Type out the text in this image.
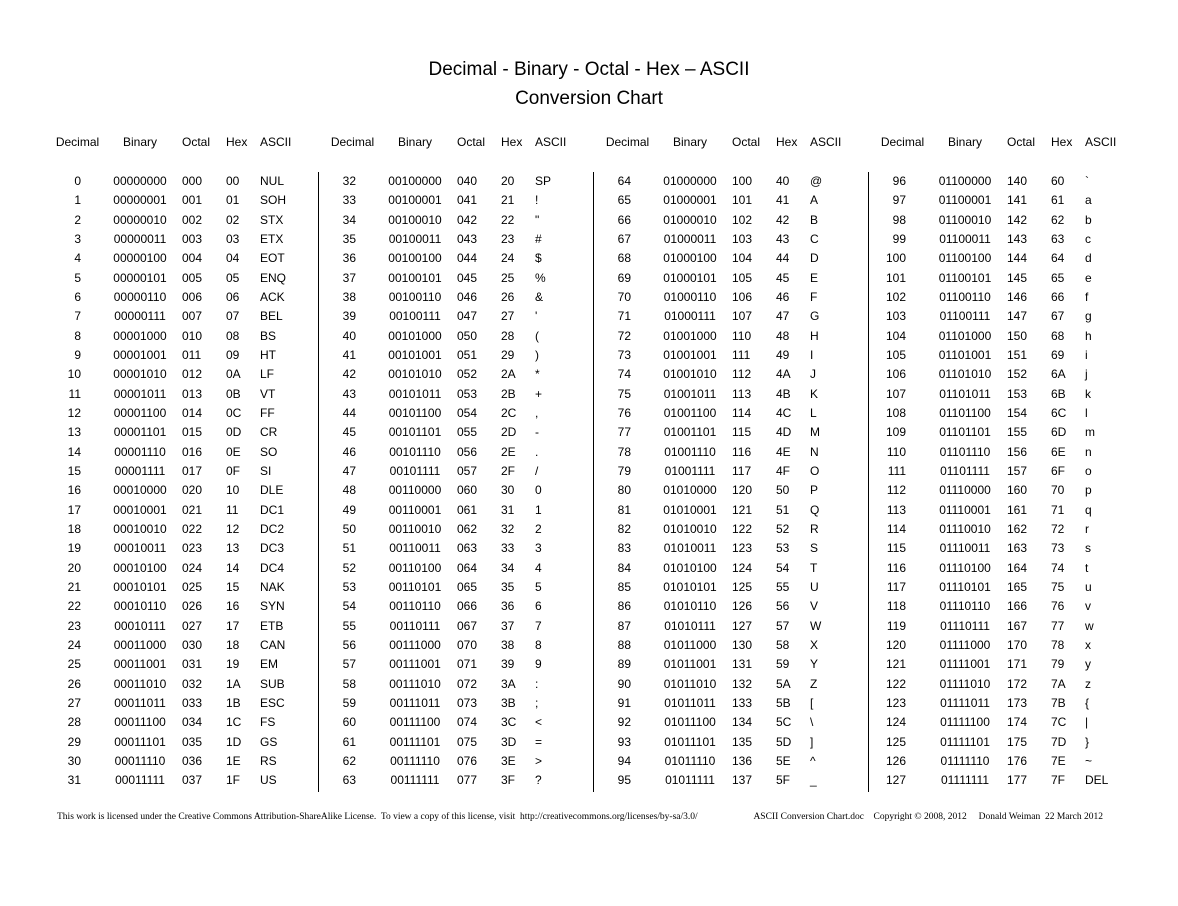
Decimal - Binary - Octal - Hex – ASCII
Conversion Chart
Decimal	Binary	Octal	Hex	ASCII
0	00000000	000	00	NUL
1	00000001	001	01	SOH
2	00000010	002	02	STX
3	00000011	003	03	ETX
4	00000100	004	04	EOT
5	00000101	005	05	ENQ
6	00000110	006	06	ACK
7	00000111	007	07	BEL
8	00001000	010	08	BS
9	00001001	011	09	HT
10	00001010	012	0A	LF
11	00001011	013	0B	VT
12	00001100	014	0C	FF
13	00001101	015	0D	CR
14	00001110	016	0E	SO
15	00001111	017	0F	SI
16	00010000	020	10	DLE
17	00010001	021	11	DC1
18	00010010	022	12	DC2
19	00010011	023	13	DC3
20	00010100	024	14	DC4
21	00010101	025	15	NAK
22	00010110	026	16	SYN
23	00010111	027	17	ETB
24	00011000	030	18	CAN
25	00011001	031	19	EM
26	00011010	032	1A	SUB
27	00011011	033	1B	ESC
28	00011100	034	1C	FS
29	00011101	035	1D	GS
30	00011110	036	1E	RS
31	00011111	037	1F	US
Decimal	Binary	Octal	Hex	ASCII
32	00100000	040	20	SP
33	00100001	041	21	!
34	00100010	042	22	"
35	00100011	043	23	#
36	00100100	044	24	$
37	00100101	045	25	%
38	00100110	046	26	&
39	00100111	047	27	'
40	00101000	050	28	(
41	00101001	051	29	)
42	00101010	052	2A	*
43	00101011	053	2B	+
44	00101100	054	2C	,
45	00101101	055	2D	-
46	00101110	056	2E	.
47	00101111	057	2F	/
48	00110000	060	30	0
49	00110001	061	31	1
50	00110010	062	32	2
51	00110011	063	33	3
52	00110100	064	34	4
53	00110101	065	35	5
54	00110110	066	36	6
55	00110111	067	37	7
56	00111000	070	38	8
57	00111001	071	39	9
58	00111010	072	3A	:
59	00111011	073	3B	;
60	00111100	074	3C	<
61	00111101	075	3D	=
62	00111110	076	3E	>
63	00111111	077	3F	?
Decimal	Binary	Octal	Hex	ASCII
64	01000000	100	40	@
65	01000001	101	41	A
66	01000010	102	42	B
67	01000011	103	43	C
68	01000100	104	44	D
69	01000101	105	45	E
70	01000110	106	46	F
71	01000111	107	47	G
72	01001000	110	48	H
73	01001001	111	49	I
74	01001010	112	4A	J
75	01001011	113	4B	K
76	01001100	114	4C	L
77	01001101	115	4D	M
78	01001110	116	4E	N
79	01001111	117	4F	O
80	01010000	120	50	P
81	01010001	121	51	Q
82	01010010	122	52	R
83	01010011	123	53	S
84	01010100	124	54	T
85	01010101	125	55	U
86	01010110	126	56	V
87	01010111	127	57	W
88	01011000	130	58	X
89	01011001	131	59	Y
90	01011010	132	5A	Z
91	01011011	133	5B	[
92	01011100	134	5C	\
93	01011101	135	5D	]
94	01011110	136	5E	^
95	01011111	137	5F	_
Decimal	Binary	Octal	Hex	ASCII
96	01100000	140	60	`
97	01100001	141	61	a
98	01100010	142	62	b
99	01100011	143	63	c
100	01100100	144	64	d
101	01100101	145	65	e
102	01100110	146	66	f
103	01100111	147	67	g
104	01101000	150	68	h
105	01101001	151	69	i
106	01101010	152	6A	j
107	01101011	153	6B	k
108	01101100	154	6C	l
109	01101101	155	6D	m
110	01101110	156	6E	n
111	01101111	157	6F	o
112	01110000	160	70	p
113	01110001	161	71	q
114	01110010	162	72	r
115	01110011	163	73	s
116	01110100	164	74	t
117	01110101	165	75	u
118	01110110	166	76	v
119	01110111	167	77	w
120	01111000	170	78	x
121	01111001	171	79	y
122	01111010	172	7A	z
123	01111011	173	7B	{
124	01111100	174	7C	|
125	01111101	175	7D	}
126	01111110	176	7E	~
127	01111111	177	7F	DEL
This work is licensed under the Creative Commons Attribution-ShareAlike License.  To view a copy of this license, visit  http://creativecommons.org/licenses/by-sa/3.0/	ASCII Conversion Chart.doc    Copyright © 2008, 2012     Donald Weiman  22 March 2012
